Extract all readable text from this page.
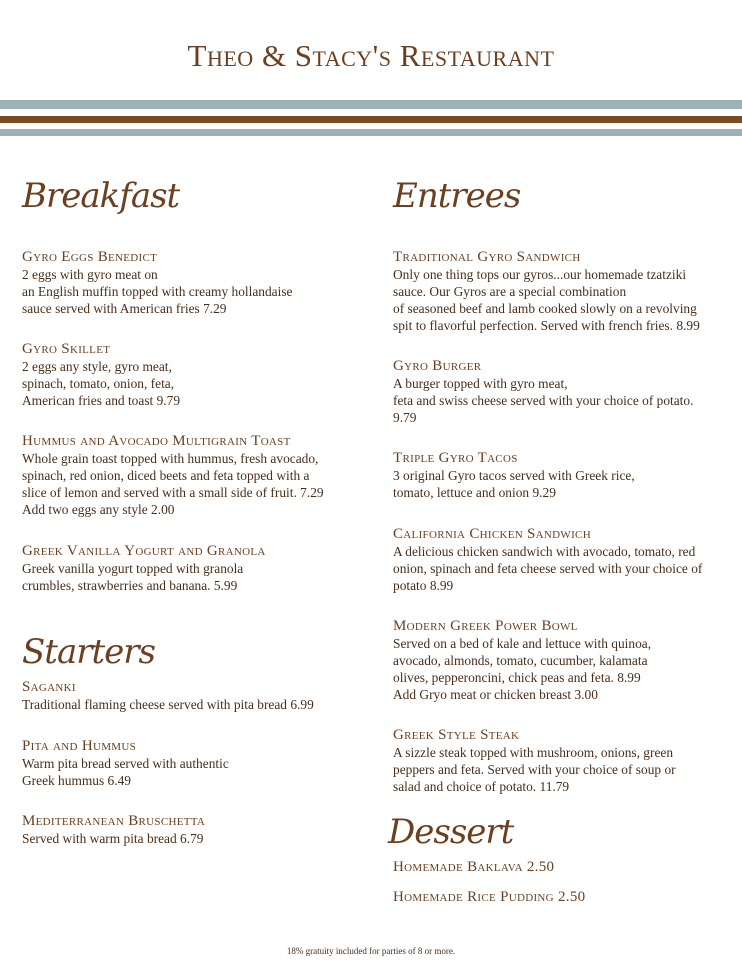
Theo & Stacy's Restaurant
Breakfast
Gyro Eggs Benedict
2 eggs with gyro meat on
an English muffin topped with creamy hollandaise
sauce served with American fries 7.29
Gyro Skillet
2 eggs any style, gyro meat,
spinach, tomato, onion, feta,
American fries and toast 9.79
Hummus and Avocado Multigrain Toast
Whole grain toast topped with hummus, fresh avocado,
spinach, red onion, diced beets and feta topped with a
slice of lemon and served with a small side of fruit. 7.29
Add two eggs any style 2.00
Greek Vanilla Yogurt and Granola
Greek vanilla yogurt topped with granola
crumbles, strawberries and banana. 5.99
Starters
Saganki
Traditional flaming cheese served with pita bread 6.99
Pita and Hummus
Warm pita bread served with authentic
Greek hummus 6.49
Mediterranean Bruschetta
Served with warm pita bread 6.79
Entrees
Traditional Gyro Sandwich
Only one thing tops our gyros...our homemade tzatziki
sauce. Our Gyros are a special combination
of seasoned beef and lamb cooked slowly on a revolving
spit to flavorful perfection. Served with french fries. 8.99
Gyro Burger
A burger topped with gyro meat,
feta and swiss cheese served with your choice of potato.
9.79
Triple Gyro Tacos
3 original Gyro tacos served with Greek rice,
tomato, lettuce and onion 9.29
California Chicken Sandwich
A delicious chicken sandwich with avocado, tomato, red
onion, spinach and feta cheese served with your choice of
potato 8.99
Modern Greek Power Bowl
Served on a bed of kale and lettuce with quinoa,
avocado, almonds, tomato, cucumber, kalamata
olives, pepperoncini, chick peas and feta. 8.99
Add Gryo meat or chicken breast 3.00
Greek Style Steak
A sizzle steak topped with mushroom, onions, green
peppers and feta. Served with your choice of soup or
salad and choice of potato. 11.79
Dessert
Homemade Baklava 2.50
Homemade Rice Pudding 2.50
18% gratuity included for parties of 8 or more.
